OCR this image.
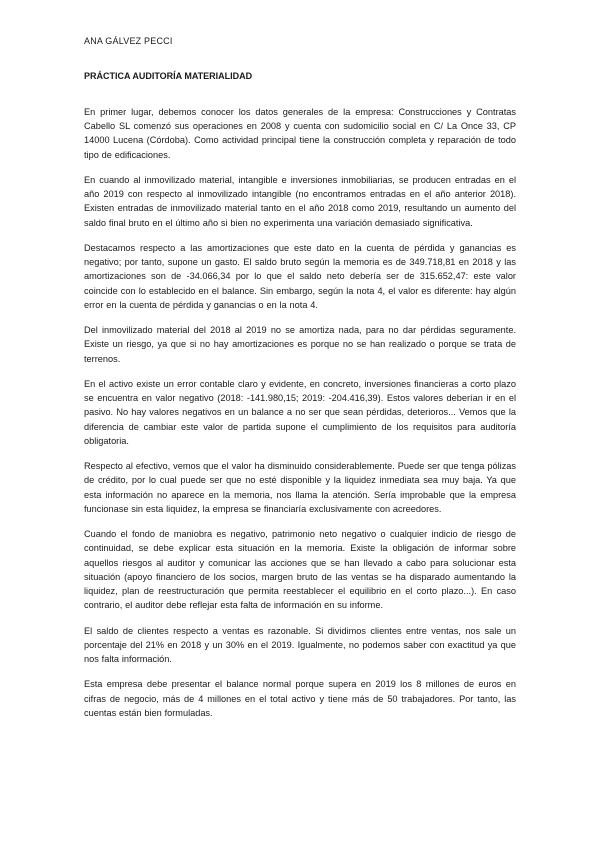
ANA GÁLVEZ PECCI

PRÁCTICA AUDITORÍA MATERIALIDAD

En primer lugar, debemos conocer los datos generales de la empresa: Construcciones y Contratas Cabello SL comenzó sus operaciones en 2008 y cuenta con sudomicilio social en C/ La Once 33, CP 14000 Lucena (Córdoba). Como actividad principal tiene la construcción completa y reparación de todo tipo de edificaciones.

En cuando al inmovilizado material, intangible e inversiones inmobiliarias, se producen entradas en el año 2019 con respecto al inmovilizado intangible (no encontramos entradas en el año anterior 2018). Existen entradas de inmovilizado material tanto en el año 2018 como 2019, resultando un aumento del saldo final bruto en el último año si bien no experimenta una variación demasiado significativa.

Destacamos respecto a las amortizaciones que este dato en la cuenta de pérdida y ganancias es negativo; por tanto, supone un gasto. El saldo bruto según la memoria es de 349.718,81 en 2018 y las amortizaciones son de -34.066,34 por lo que el saldo neto debería ser de 315.652,47: este valor coincide con lo establecido en el balance. Sin embargo, según la nota 4, el valor es diferente: hay algún error en la cuenta de pérdida y ganancias o en la nota 4.

Del inmovilizado material del 2018 al 2019 no se amortiza nada, para no dar pérdidas seguramente. Existe un riesgo, ya que si no hay amortizaciones es porque no se han realizado o porque se trata de terrenos.

En el activo existe un error contable claro y evidente, en concreto, inversiones financieras a corto plazo se encuentra en valor negativo (2018: -141.980,15; 2019: -204.416,39). Estos valores deberían ir en el pasivo. No hay valores negativos en un balance a no ser que sean pérdidas, deterioros... Vemos que la diferencia de cambiar este valor de partida supone el cumplimiento de los requisitos para auditoría obligatoria.

Respecto al efectivo, vemos que el valor ha disminuido considerablemente. Puede ser que tenga pólizas de crédito, por lo cual puede ser que no esté disponible y la liquidez inmediata sea muy baja. Ya que esta información no aparece en la memoria, nos llama la atención. Sería improbable que la empresa funcionase sin esta liquidez, la empresa se financiaría exclusivamente con acreedores.

Cuando el fondo de maniobra es negativo, patrimonio neto negativo o cualquier indicio de riesgo de continuidad, se debe explicar esta situación en la memoria. Existe la obligación de informar sobre aquellos riesgos al auditor y comunicar las acciones que se han llevado a cabo para solucionar esta situación (apoyo financiero de los socios, margen bruto de las ventas se ha disparado aumentando la liquidez, plan de reestructuración que permita reestablecer el equilibrio en el corto plazo...). En caso contrario, el auditor debe reflejar esta falta de información en su informe.

El saldo de clientes respecto a ventas es razonable. Si dividimos clientes entre ventas, nos sale un porcentaje del 21% en 2018 y un 30% en el 2019. Igualmente, no podemos saber con exactitud ya que nos falta información.

Esta empresa debe presentar el balance normal porque supera en 2019 los 8 millones de euros en cifras de negocio, más de 4 millones en el total activo y tiene más de 50 trabajadores. Por tanto, las cuentas están bien formuladas.
